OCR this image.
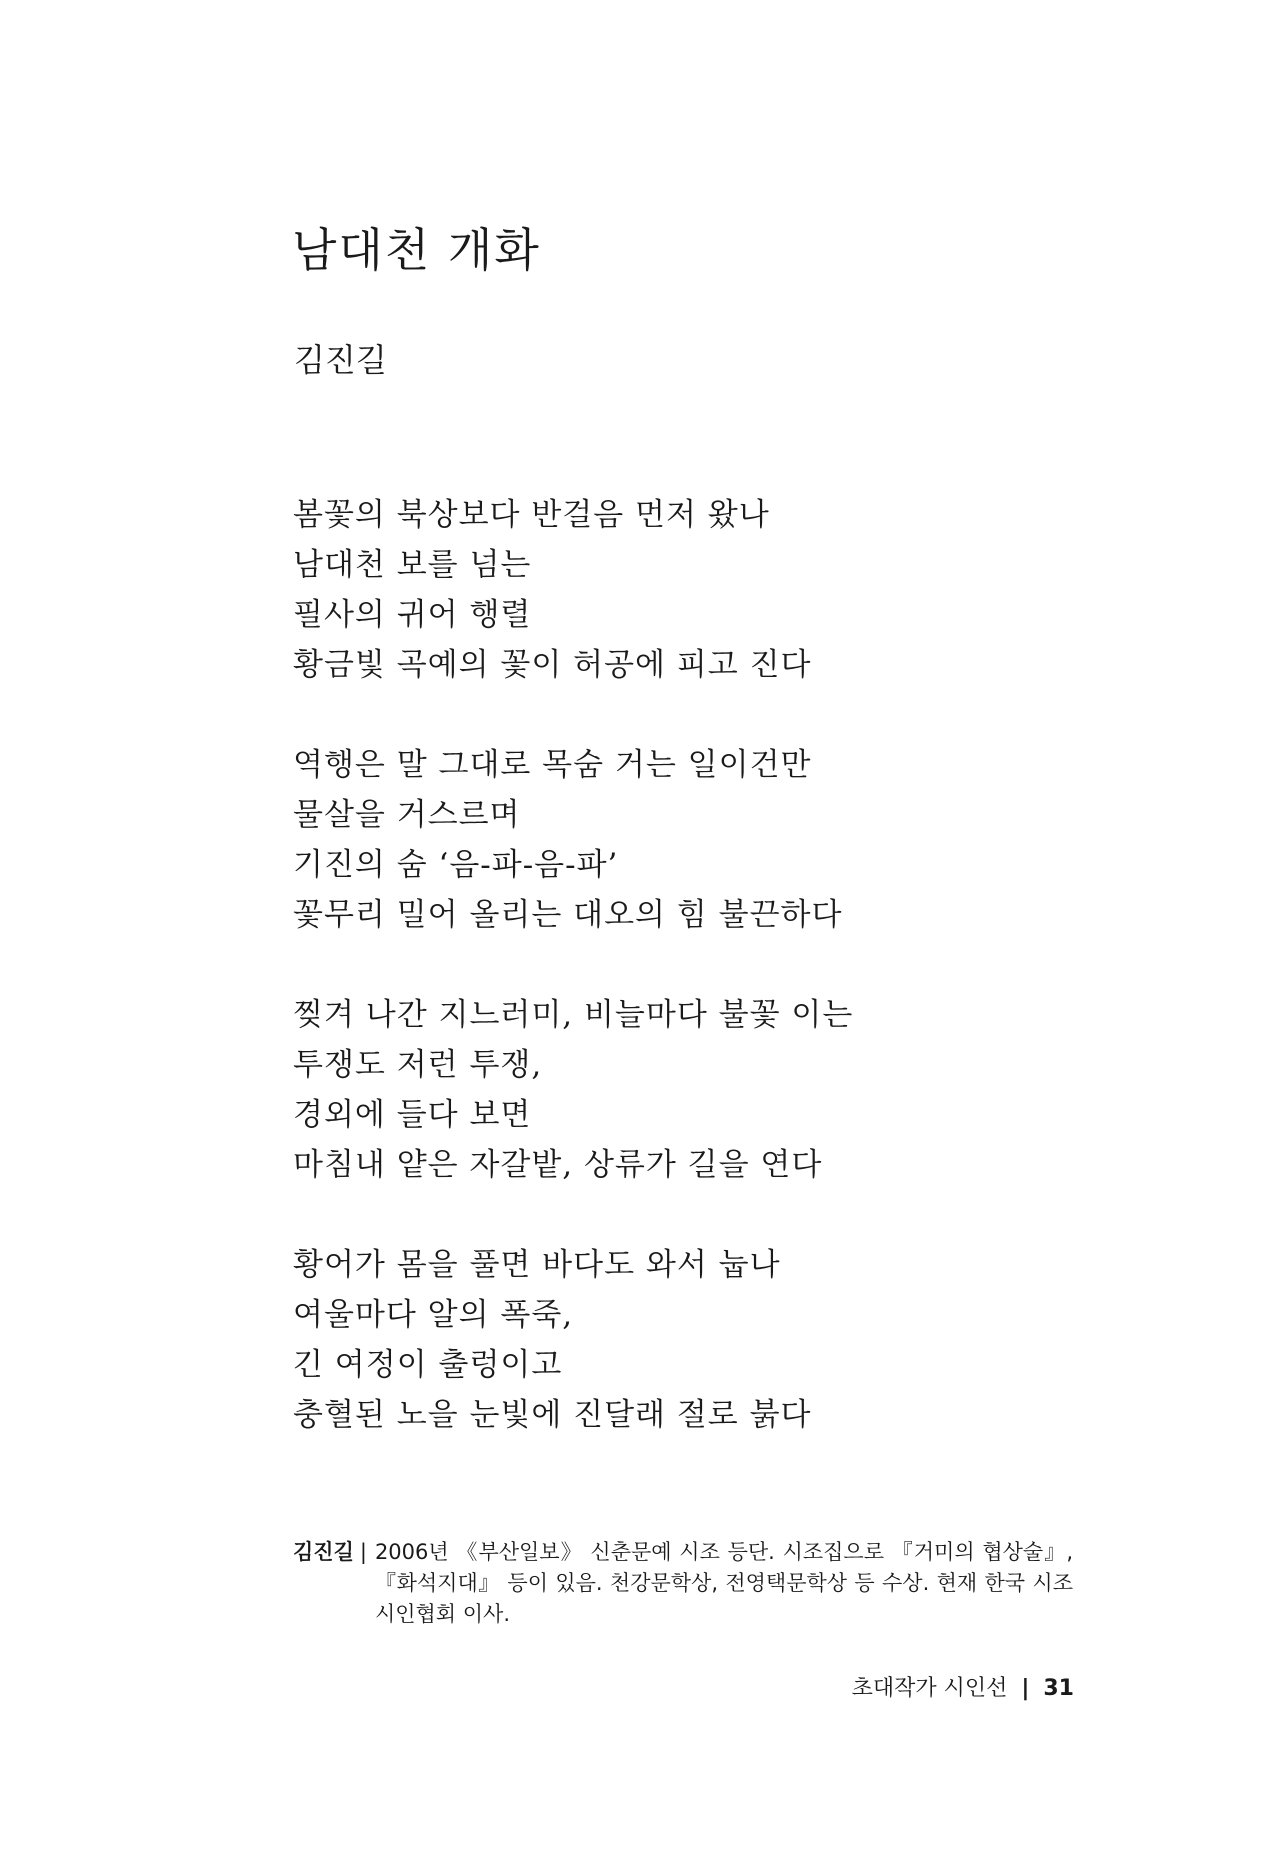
남대천 개화
김진길
봄꽃의 북상보다 반걸음 먼저 왔나
남대천 보를 넘는
필사의 귀어 행렬
황금빛 곡예의 꽃이 허공에 피고 진다
역행은 말 그대로 목숨 거는 일이건만
물살을 거스르며
기진의 숨 ‘음-파-음-파’
꽃무리 밀어 올리는 대오의 힘 불끈하다
찢겨 나간 지느러미, 비늘마다 불꽃 이는
투쟁도 저런 투쟁,
경외에 들다 보면
마침내 얕은 자갈밭, 상류가 길을 연다
황어가 몸을 풀면 바다도 와서 눕나
여울마다 알의 폭죽,
긴 여정이 출렁이고
충혈된 노을 눈빛에 진달래 절로 붉다
김진길 | 2006년 《부산일보》 신춘문예 시조 등단. 시조집으로 『거미의 협상술』, 『화석지대』 등이 있음. 천강문학상, 전영택문학상 등 수상. 현재 한국 시조시인협회 이사.
초대작가 시인선 | 31
